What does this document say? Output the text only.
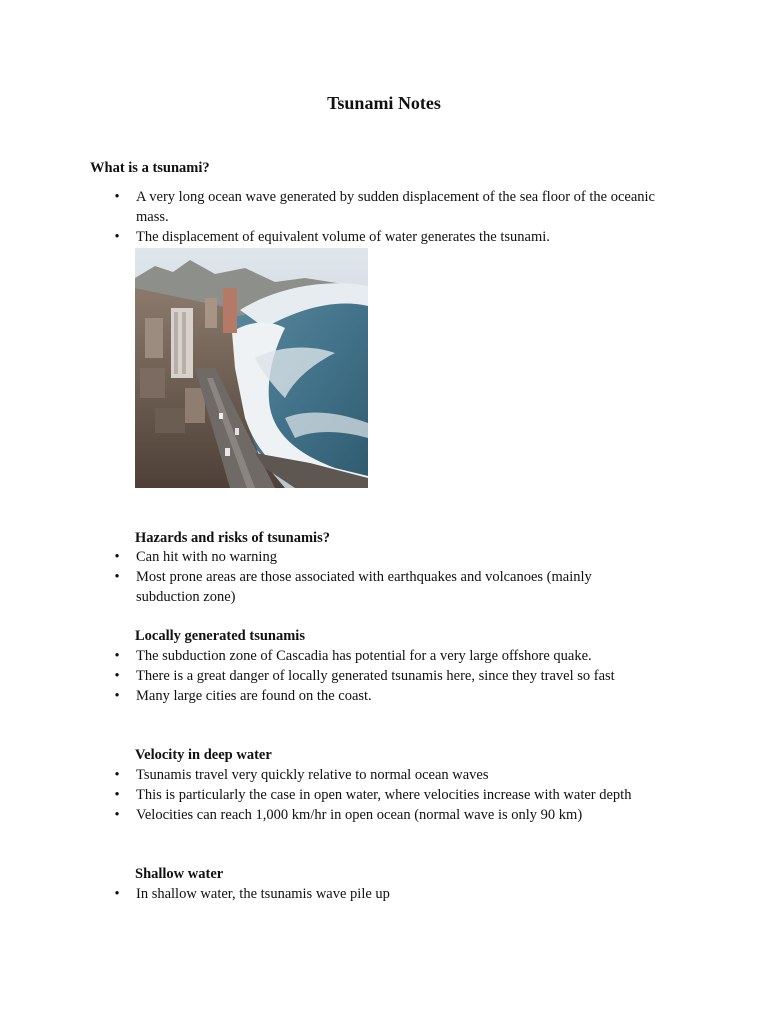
Tsunami Notes

What is a tsunami?

• A very long ocean wave generated by sudden displacement of the sea floor of the oceanic mass.
• The displacement of equivalent volume of water generates the tsunami.

Hazards and risks of tsunamis?

• Can hit with no warning
• Most prone areas are those associated with earthquakes and volcanoes (mainly subduction zone)

Locally generated tsunamis

• The subduction zone of Cascadia has potential for a very large offshore quake.
• There is a great danger of locally generated tsunamis here, since they travel so fast
• Many large cities are found on the coast.

Velocity in deep water

• Tsunamis travel very quickly relative to normal ocean waves
• This is particularly the case in open water, where velocities increase with water depth
• Velocities can reach 1,000 km/hr in open ocean (normal wave is only 90 km)

Shallow water

• In shallow water, the tsunamis wave pile up
